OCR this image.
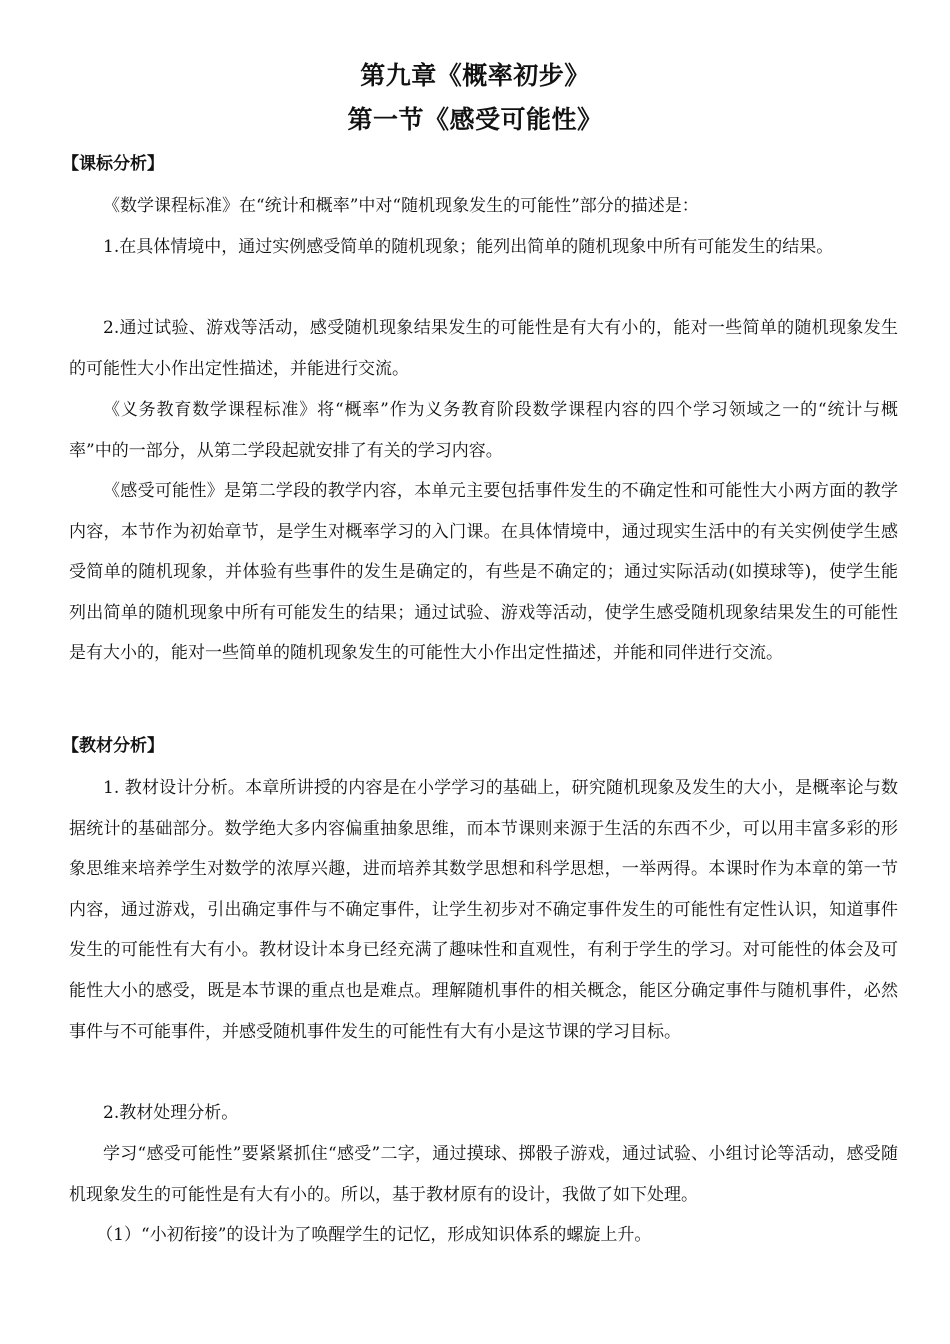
第九章《概率初步》
第一节《感受可能性》
【课标分析】

《数学课程标准》在“统计和概率”中对“随机现象发生的可能性”部分的描述是：

1.在具体情境中，通过实例感受简单的随机现象；能列出简单的随机现象中所有可能发生的结果。

2.通过试验、游戏等活动，感受随机现象结果发生的可能性是有大有小的，能对一些简单的随机现象发生的可能性大小作出定性描述，并能进行交流。

《义务教育数学课程标准》将“概率”作为义务教育阶段数学课程内容的四个学习领域之一的“统计与概率”中的一部分，从第二学段起就安排了有关的学习内容。

《感受可能性》是第二学段的教学内容，本单元主要包括事件发生的不确定性和可能性大小两方面的教学内容，本节作为初始章节，是学生对概率学习的入门课。在具体情境中，通过现实生活中的有关实例使学生感受简单的随机现象，并体验有些事件的发生是确定的，有些是不确定的；通过实际活动(如摸球等)，使学生能列出简单的随机现象中所有可能发生的结果；通过试验、游戏等活动，使学生感受随机现象结果发生的可能性是有大小的，能对一些简单的随机现象发生的可能性大小作出定性描述，并能和同伴进行交流。

【教材分析】

1. 教材设计分析。本章所讲授的内容是在小学学习的基础上，研究随机现象及发生的大小，是概率论与数据统计的基础部分。数学绝大多内容偏重抽象思维，而本节课则来源于生活的东西不少，可以用丰富多彩的形象思维来培养学生对数学的浓厚兴趣，进而培养其数学思想和科学思想，一举两得。本课时作为本章的第一节内容，通过游戏，引出确定事件与不确定事件，让学生初步对不确定事件发生的可能性有定性认识，知道事件发生的可能性有大有小。教材设计本身已经充满了趣味性和直观性，有利于学生的学习。对可能性的体会及可能性大小的感受，既是本节课的重点也是难点。理解随机事件的相关概念，能区分确定事件与随机事件，必然事件与不可能事件，并感受随机事件发生的可能性有大有小是这节课的学习目标。

2.教材处理分析。

学习“感受可能性”要紧紧抓住“感受”二字，通过摸球、掷骰子游戏，通过试验、小组讨论等活动，感受随机现象发生的可能性是有大有小的。所以，基于教材原有的设计，我做了如下处理。

（1）“小初衔接”的设计为了唤醒学生的记忆，形成知识体系的螺旋上升。
